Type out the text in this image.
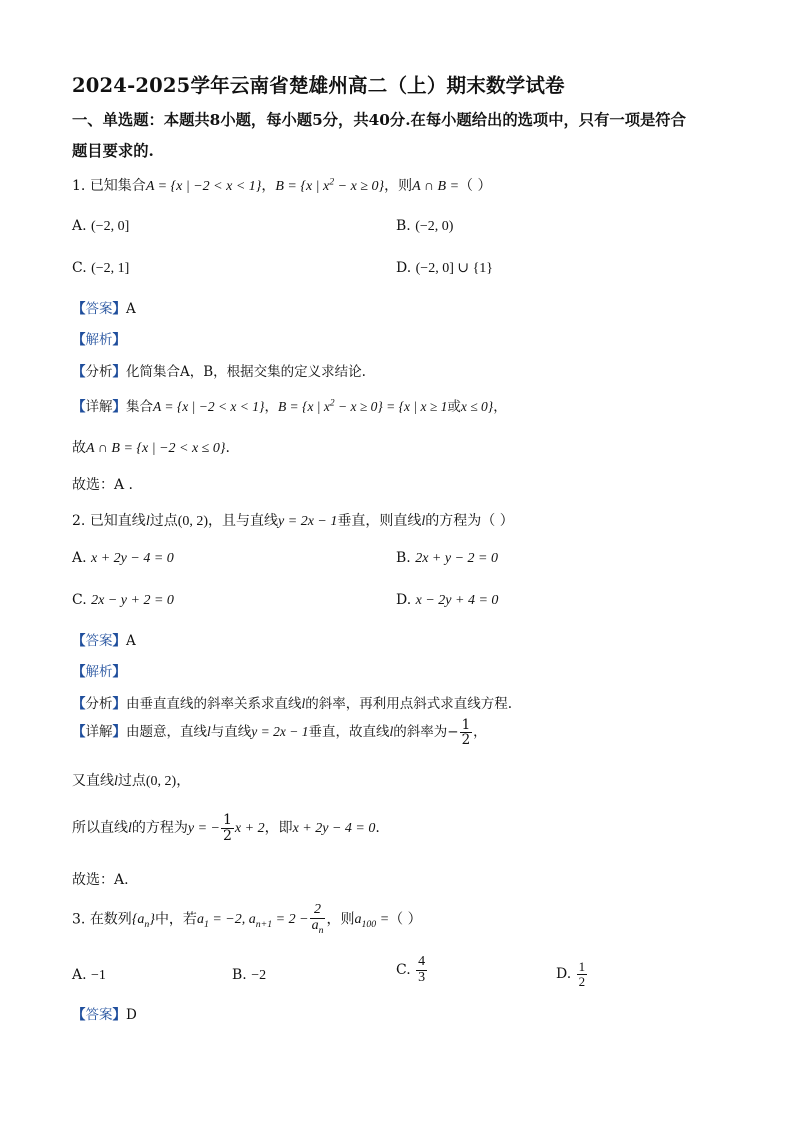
2024-2025学年云南省楚雄州高二（上）期末数学试卷
一、单选题：本题共8小题，每小题5分，共40分.在每小题给出的选项中，只有一项是符合
题目要求的.
1. 已知集合A = {x | −2 < x < 1}，B = {x | $x^2 - x \ge 0$}，则A ∩ B =（ ）
A. (−2, 0]	B. (−2, 0)
C. (−2, 1]	D. (−2, 0] ∪ {1}
【答案】A
【解析】
【分析】化简集合A，B，根据交集的定义求结论.
【详解】集合A = {x | −2 < x < 1}，B = {x | $x^2 - x \ge 0\} = \{x$ | x ≥ 1或x ≤ 0}，
故A ∩ B = {x | −2 < x ≤ 0}.
故选：A .
2. 已知直线l过点(0, 2)，且与直线y = 2x − 1垂直，则直线l的方程为（ ）
A. x + 2y − 4 = 0	B. 2x + y − 2 = 0
C. 2x − y + 2 = 0	D. x − 2y + 4 = 0
【答案】A
【解析】
【分析】由垂直直线的斜率关系求直线l的斜率，再利用点斜式求直线方程.
【详解】由题意，直线l与直线y = 2x − 1垂直，故直线l的斜率为− $\frac{1}{2}$ ，
又直线l过点(0, 2)，
所以直线l的方程为y = − $\frac{1}{2}$ x + 2，即x + 2y − 4 = 0.
故选：A.
3. 在数列$\{a_n\}$中，若$a_1 = -2$, $a_{n+1} = 2 - \frac{2}{a_n}$ ，则$a_{100}$ =（ ）
A. −1	B. −2	C. $\frac{4}{3}$	D. $\frac{1}{2}$
【答案】D
